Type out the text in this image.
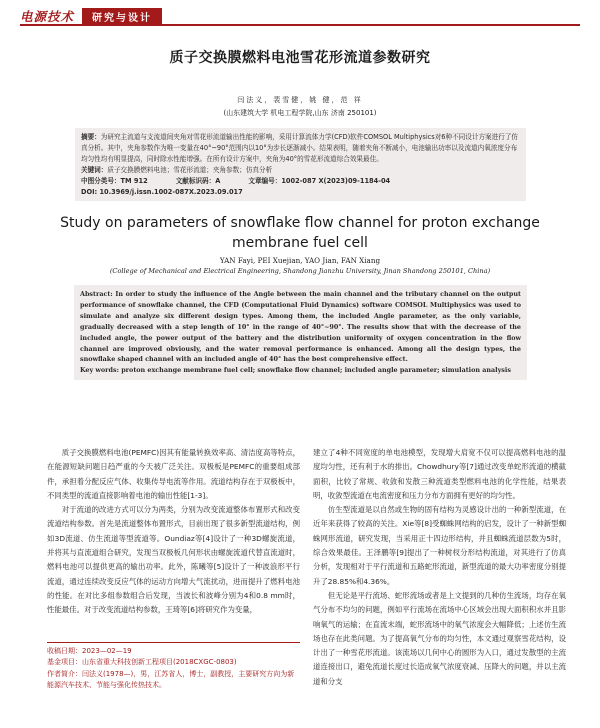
电源技术	研究与设计
质子交换膜燃料电池雪花形流道参数研究
闫法义，裴雪健，姚 健，范 祥
(山东建筑大学 机电工程学院,山东 济南 250101)

摘要：为研究主流道与支流道间夹角对雪花形流道输出性能的影响，采用计算流体力学(CFD)软件COMSOL Multiphysics对6种不同设计方案进行了仿真分析。其中，夹角参数作为唯一变量在40°~90°范围内以10°为步长逐渐减小。结果表明，随着夹角不断减小，电池输出功率以及流道内氧浓度分布均匀性均有明显提高，同时除水性能增强。在所有设计方案中，夹角为40°的雪花形流道综合效果最佳。

关键词：质子交换膜燃料电池；雪花形流道；夹角参数；仿真分析

中图分类号：TM 912	文献标识码：A	文章编号：1002-087 X(2023)09-1184-04

DOI: 10.3969/j.issn.1002-087X.2023.09.017

Study on parameters of snowflake flow channel for proton exchange
membrane fuel cell
YAN Fayi, PEI Xuejian, YAO Jian, FAN Xiang
(College of Mechanical and Electrical Engineering, Shandong Jianzhu University, Jinan Shandong 250101, China)

Abstract: In order to study the influence of the Angle between the main channel and the tributary channel on the output performance of snowflake channel, the CFD (Computational Fluid Dynamics) software COMSOL Multiphysics was used to simulate and analyze six different design types. Among them, the included Angle parameter, as the only variable, gradually decreased with a step length of 10° in the range of 40°~90°. The results show that with the decrease of the included angle, the power output of the battery and the distribution uniformity of oxygen concentration in the flow channel are improved obviously, and the water removal performance is enhanced. Among all the design types, the snowflake shaped channel with an included angle of 40° has the best comprehensive effect.

Key words: proton exchange membrane fuel cell; snowflake flow channel; included angle parameter; simulation analysis

质子交换膜燃料电池(PEMFC)因其有能量转换效率高、清洁度高等特点，在能源短缺问题日趋严重的今天被广泛关注。双极板是PEMFC的重要组成部件，承担着分配反应气体、收集传导电流等作用。流道结构存在于双极板中，不同类型的流道直接影响着电池的输出性能[1-3]。

对于流道的改进方式可以分为两类，分别为改变流道整体布置形式和改变流道结构参数。首先是流道整体布置形式，目前出现了很多新型流道结构，例如3D流道、仿生流道等型流道等。Oundiaz等[4]设计了一种3D螺旋流道，并将其与直流道组合研究，发现当双极板几何形状由螺旋流道代替直流道时，燃料电池可以提供更高的输出功率。此外，陈曦等[5]设计了一种波浪形平行流道，通过连续改变反应气体的运动方向增大气流扰动，进而提升了燃料电池的性能。在对比多组参数组合后发现，当波长和波峰分别为4和0.8 mm时，性能最佳。对于改变流道结构参数，王琦等[6]将研究作为变量，

建立了4种不同宽度的单电池模型，发现增大肩宽不仅可以提高燃料电池的温度均匀性，还有利于水的排出。Chowdhury等[7]通过改变单蛇形流道的横截面积，比较了常规、收敛和发散三种流道类型燃料电池的化学性能，结果表明，收敛型流道在电流密度和压力分布方面拥有更好的均匀性。

仿生型流道是以自然或生物的固有结构为灵感设计出的一种新型流道，在近年来获得了较高的关注。Xie等[8]受蜘蛛网结构的启发，设计了一种新型蜘蛛网形流道，研究发现，当采用正十四边形结构，并且蜘蛛流道层数为5时，综合效果最佳。王泽鹏等[9]提出了一种树杈分形结构流道，对其进行了仿真分析，发现相对于平行流道和五路蛇形流道，新型流道的最大功率密度分别提升了28.85%和4.36%。

但无论是平行流场、蛇形流场或者是上文提到的几种仿生流场，均存在氧气分布不均匀的问题，例如平行流场在流场中心区域会出现大面积积水并且影响氧气的运输；在直流末端，蛇形流场中的氧气浓度会大幅降低；上述仿生流场也存在此类问题。为了提高氧气分布的均匀性，本文通过观察雪花结构，设计出了一种雪花形流道。该流场以几何中心的圆形为入口，通过发散型的主流道连接出口，避免流道长度过长造成氧气浓度衰减、压降大的问题，并以主流道和分支

收稿日期：2023—02—19

基金项目：山东省重大科技创新工程项目(2018CXGC-0803)

作者简介：闫法义(1978—)，男，江苏省人，博士，副教授，主要研究方向为新能源汽车技术、节能与强化传热技术。
